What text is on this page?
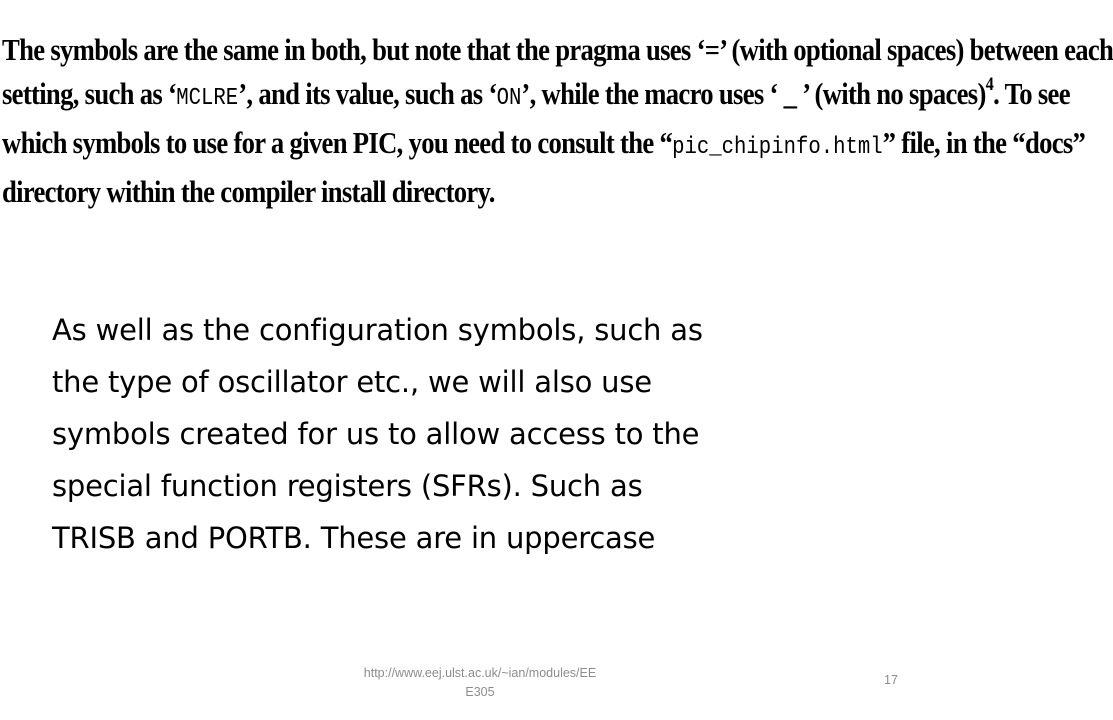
The symbols are the same in both, but note that the pragma uses ‘=’ (with optional spaces) between each
setting, such as ‘MCLRE’, and its value, such as ‘ON’, while the macro uses ‘ _ ’ (with no spaces)$^4$. To see
which symbols to use for a given PIC, you need to consult the “pic_chipinfo.html” file, in the “docs”
directory within the compiler install directory.
As well as the configuration symbols, such as
the type of oscillator etc., we will also use
symbols created for us to allow access to the
special function registers (SFRs). Such as
TRISB and PORTB. These are in uppercase
http://www.eej.ulst.ac.uk/~ian/modules/EE
E305
17
